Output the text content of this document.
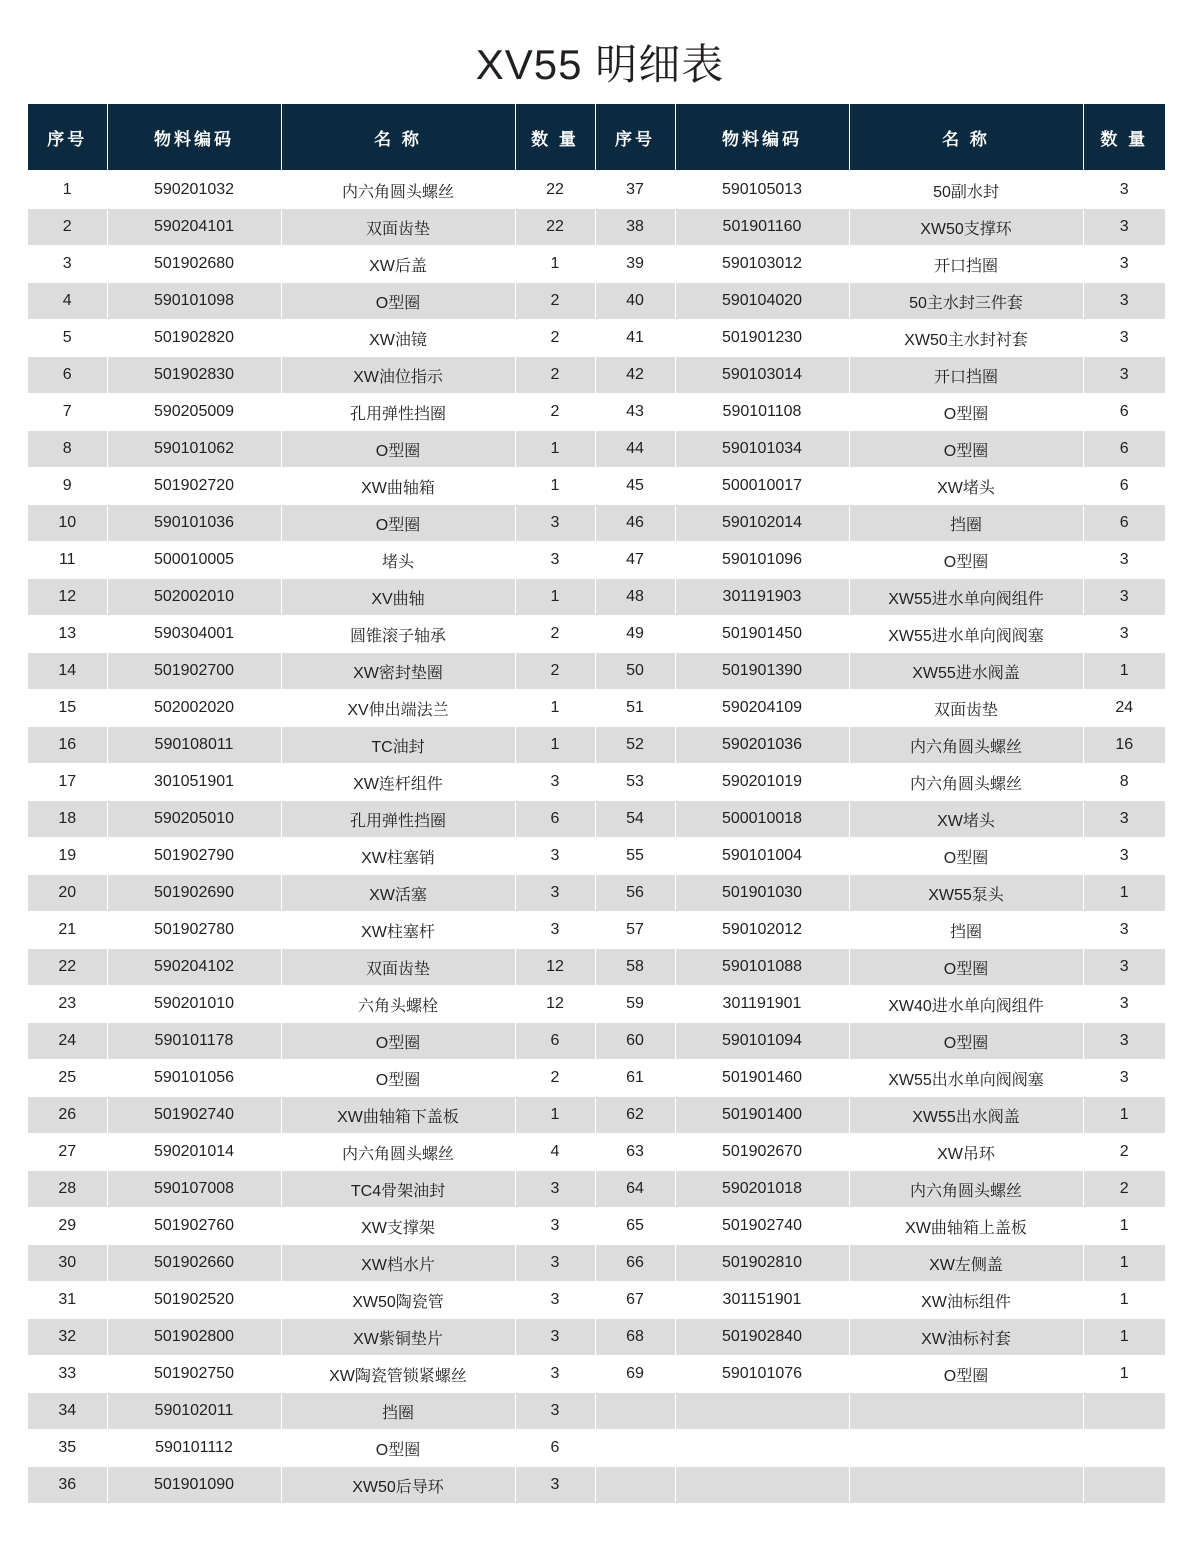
XV55 明细表
序号	物料编码	名 称	数 量	序号	物料编码	名 称	数 量
1	590201032	内六角圆头螺丝	22	37	590105013	50副水封	3
2	590204101	双面齿垫	22	38	501901160	XW50支撑环	3
3	501902680	XW后盖	1	39	590103012	开口挡圈	3
4	590101098	O型圈	2	40	590104020	50主水封三件套	3
5	501902820	XW油镜	2	41	501901230	XW50主水封衬套	3
6	501902830	XW油位指示	2	42	590103014	开口挡圈	3
7	590205009	孔用弹性挡圈	2	43	590101108	O型圈	6
8	590101062	O型圈	1	44	590101034	O型圈	6
9	501902720	XW曲轴箱	1	45	500010017	XW堵头	6
10	590101036	O型圈	3	46	590102014	挡圈	6
11	500010005	堵头	3	47	590101096	O型圈	3
12	502002010	XV曲轴	1	48	301191903	XW55进水单向阀组件	3
13	590304001	圆锥滚子轴承	2	49	501901450	XW55进水单向阀阀塞	3
14	501902700	XW密封垫圈	2	50	501901390	XW55进水阀盖	1
15	502002020	XV伸出端法兰	1	51	590204109	双面齿垫	24
16	590108011	TC油封	1	52	590201036	内六角圆头螺丝	16
17	301051901	XW连杆组件	3	53	590201019	内六角圆头螺丝	8
18	590205010	孔用弹性挡圈	6	54	500010018	XW堵头	3
19	501902790	XW柱塞销	3	55	590101004	O型圈	3
20	501902690	XW活塞	3	56	501901030	XW55泵头	1
21	501902780	XW柱塞杆	3	57	590102012	挡圈	3
22	590204102	双面齿垫	12	58	590101088	O型圈	3
23	590201010	六角头螺栓	12	59	301191901	XW40进水单向阀组件	3
24	590101178	O型圈	6	60	590101094	O型圈	3
25	590101056	O型圈	2	61	501901460	XW55出水单向阀阀塞	3
26	501902740	XW曲轴箱下盖板	1	62	501901400	XW55出水阀盖	1
27	590201014	内六角圆头螺丝	4	63	501902670	XW吊环	2
28	590107008	TC4骨架油封	3	64	590201018	内六角圆头螺丝	2
29	501902760	XW支撑架	3	65	501902740	XW曲轴箱上盖板	1
30	501902660	XW档水片	3	66	501902810	XW左侧盖	1
31	501902520	XW50陶瓷管	3	67	301151901	XW油标组件	1
32	501902800	XW紫铜垫片	3	68	501902840	XW油标衬套	1
33	501902750	XW陶瓷管锁紧螺丝	3	69	590101076	O型圈	1
34	590102011	挡圈	3				
35	590101112	O型圈	6				
36	501901090	XW50后导环	3				
